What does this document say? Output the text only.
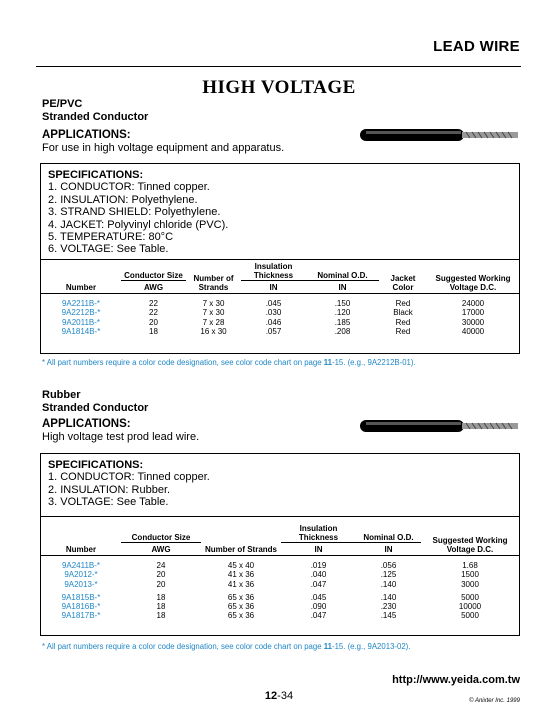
LEAD WIRE
HIGH VOLTAGE
PE/PVC
Stranded Conductor
APPLICATIONS:
For use in high voltage equipment and apparatus.
SPECIFICATIONS:
1. CONDUCTOR: Tinned copper.
2. INSULATION: Polyethylene.
3. STRAND SHIELD: Polyethylene.
4. JACKET: Polyvinyl chloride (PVC).
5. TEMPERATURE: 80°C
6. VOLTAGE: See Table.
Number	Conductor Size	Number of Strands	Insulation Thickness	Nominal O.D.	Jacket Color	Suggested Working Voltage D.C.
	AWG		IN	IN		

9A2211B-*	22	7 x 30	.045	.150	Red	24000
9A2212B-*	22	7 x 30	.030	.120	Black	17000
9A2011B-*	20	7 x 28	.046	.185	Red	30000
9A1814B-*	18	16 x 30	.057	.208	Red	40000
* All part numbers require a color code designation, see color code chart on page 11-15. (e.g., 9A2212B-01).
Rubber
Stranded Conductor
APPLICATIONS:
High voltage test prod lead wire.
SPECIFICATIONS:
1. CONDUCTOR: Tinned copper.
2. INSULATION: Rubber.
3. VOLTAGE: See Table.
Number	Conductor Size	Number of Strands	Insulation Thickness	Nominal O.D.	Suggested Working Voltage D.C.
	AWG		IN	IN	

9A2411B-*	24	45 x 40	.019	.056	1.68
9A2012-*	20	41 x 36	.040	.125	1500
9A2013-*	20	41 x 36	.047	.140	3000

9A1815B-*	18	65 x 36	.045	.140	5000
9A1816B-*	18	65 x 36	.090	.230	10000
9A1817B-*	18	65 x 36	.047	.145	5000
* All part numbers require a color code designation, see color code chart on page 11-15. (e.g., 9A2013-02).
http://www.yeida.com.tw
12-34	© Anixter Inc. 1999
